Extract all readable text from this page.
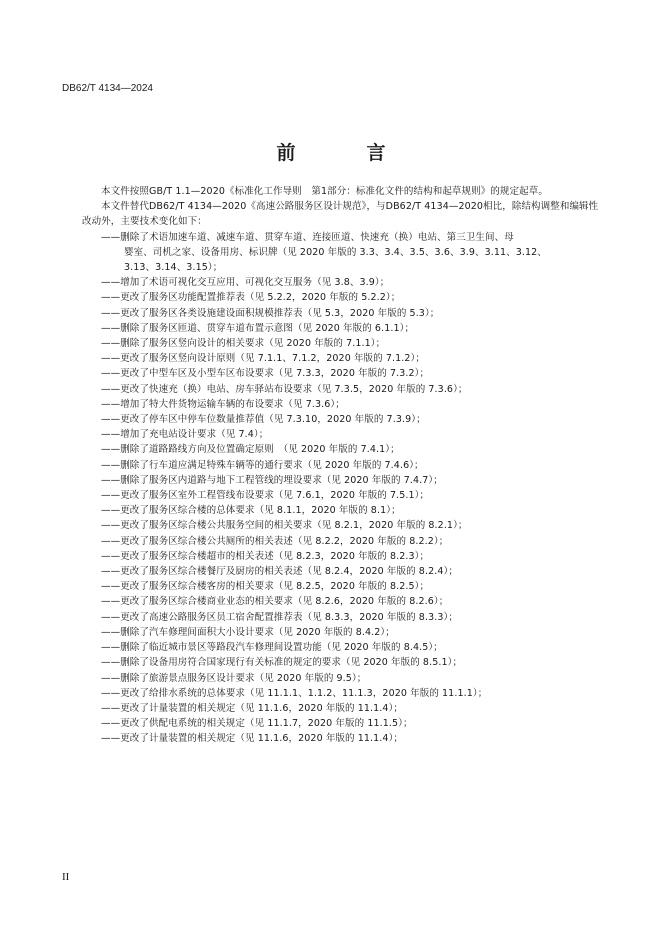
DB62/T 4134—2024
前　言

本文件按照GB/T 1.1—2020《标准化工作导则　第1部分：标准化文件的结构和起草规则》的规定起草。

本文件替代DB62/T 4134—2020《高速公路服务区设计规范》，与DB62/T 4134—2020相比，除结构调整和编辑性改动外，主要技术变化如下：

——删除了术语加速车道、减速车道、贯穿车道、连接匝道、快速充（换）电站、第三卫生间、母

婴室、司机之家、设备用房、标识牌（见 2020 年版的 3.3、3.4、3.5、3.6、3.9、3.11、3.12、

3.13、3.14、3.15）；

——增加了术语可视化交互应用、可视化交互服务（见 3.8、3.9）；

——更改了服务区功能配置推荐表（见 5.2.2，2020 年版的 5.2.2）；

——更改了服务区各类设施建设面积规模推荐表（见 5.3，2020 年版的 5.3）；

——删除了服务区匝道、贯穿车道布置示意图（见 2020 年版的 6.1.1）；

——删除了服务区竖向设计的相关要求（见 2020 年版的 7.1.1）；

——更改了服务区竖向设计原则（见 7.1.1、7.1.2，2020 年版的 7.1.2）；

——更改了中型车区及小型车区布设要求（见 7.3.3，2020 年版的 7.3.2）；

——更改了快速充（换）电站、房车驿站布设要求（见 7.3.5，2020 年版的 7.3.6）；

——增加了特大件货物运输车辆的布设要求（见 7.3.6）；

——更改了停车区中停车位数量推荐值（见 7.3.10，2020 年版的 7.3.9）；

——增加了充电站设计要求（见 7.4）；

——删除了道路路线方向及位置确定原则　（见 2020 年版的 7.4.1）；

——删除了行车道应满足特殊车辆等的通行要求（见 2020 年版的 7.4.6）；

——删除了服务区内道路与地下工程管线的埋设要求（见 2020 年版的 7.4.7）；

——更改了服务区室外工程管线布设要求（见 7.6.1，2020 年版的 7.5.1）；

——更改了服务区综合楼的总体要求（见 8.1.1，2020 年版的 8.1）；

——更改了服务区综合楼公共服务空间的相关要求（见 8.2.1，2020 年版的 8.2.1）；

——更改了服务区综合楼公共厕所的相关表述（见 8.2.2，2020 年版的 8.2.2）；

——更改了服务区综合楼超市的相关表述（见 8.2.3，2020 年版的 8.2.3）；

——更改了服务区综合楼餐厅及厨房的相关表述（见 8.2.4，2020 年版的 8.2.4）；

——更改了服务区综合楼客房的相关要求（见 8.2.5，2020 年版的 8.2.5）；

——更改了服务区综合楼商业业态的相关要求（见 8.2.6，2020 年版的 8.2.6）；

——更改了高速公路服务区员工宿舍配置推荐表（见 8.3.3，2020 年版的 8.3.3）；

——删除了汽车修理间面积大小设计要求（见 2020 年版的 8.4.2）；

——删除了临近城市景区等路段汽车修理间设置功能（见 2020 年版的 8.4.5）；

——删除了设备用房符合国家现行有关标准的规定的要求（见 2020 年版的 8.5.1）；

——删除了旅游景点服务区设计要求（见 2020 年版的 9.5）；

——更改了给排水系统的总体要求（见 11.1.1、1.1.2、11.1.3，2020 年版的 11.1.1）；

——更改了计量装置的相关规定（见 11.1.6，2020 年版的 11.1.4）；

——更改了供配电系统的相关规定（见 11.1.7，2020 年版的 11.1.5）；

——更改了计量装置的相关规定（见 11.1.6，2020 年版的 11.1.4）；

II
